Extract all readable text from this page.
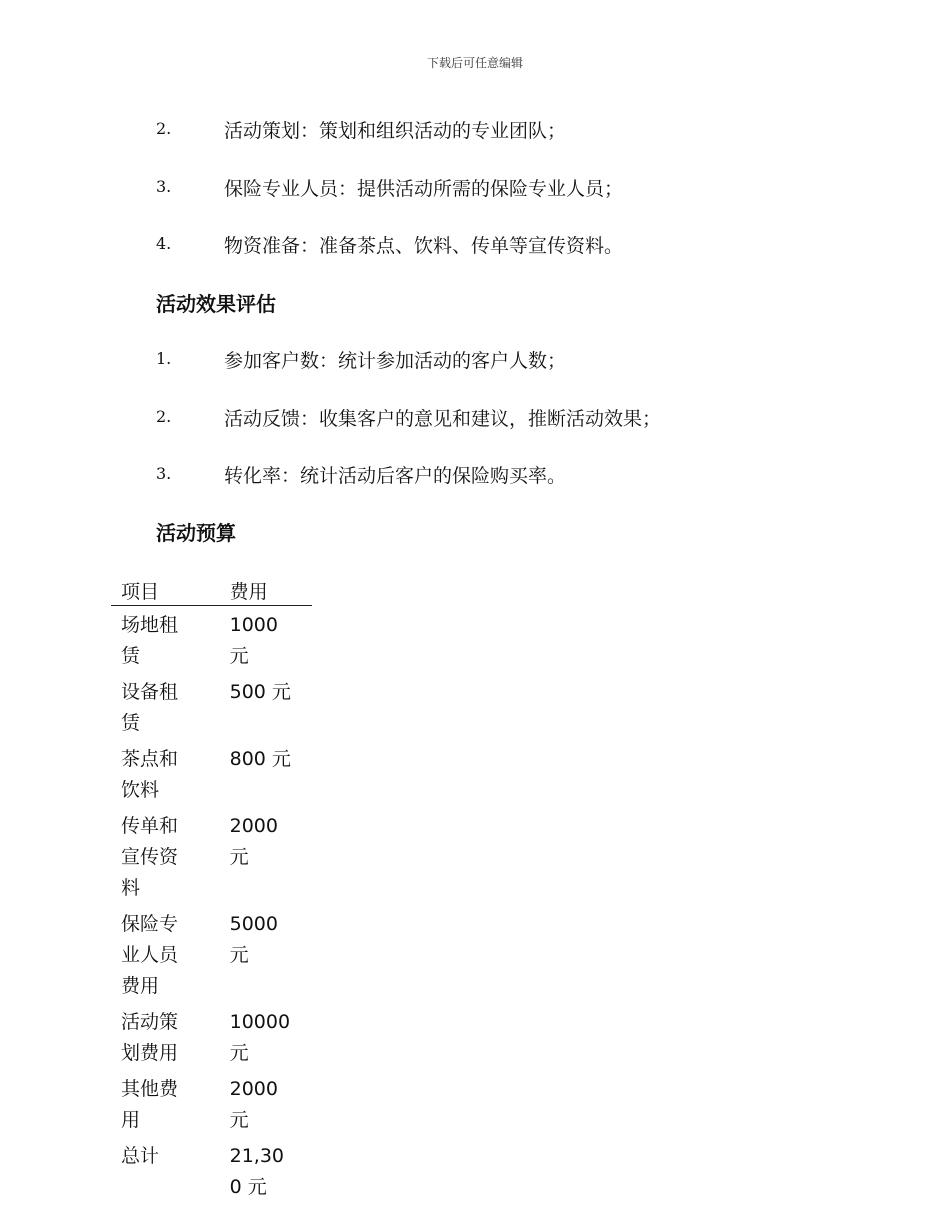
下载后可任意编辑
2.	活动策划：策划和组织活动的专业团队；
3.	保险专业人员：提供活动所需的保险专业人员；
4.	物资准备：准备茶点、饮料、传单等宣传资料。
活动效果评估
1.	参加客户数：统计参加活动的客户人数；
2.	活动反馈：收集客户的意见和建议，推断活动效果；
3.	转化率：统计活动后客户的保险购买率。
活动预算
项目	费用

场地租赁	1000 元

设备租赁	500 元

茶点和饮料	800 元

传单和宣传资料	2000 元

保险专业人员费用	5000 元

活动策划费用	10000 元

其他费用	2000 元

总计	21,300 元
